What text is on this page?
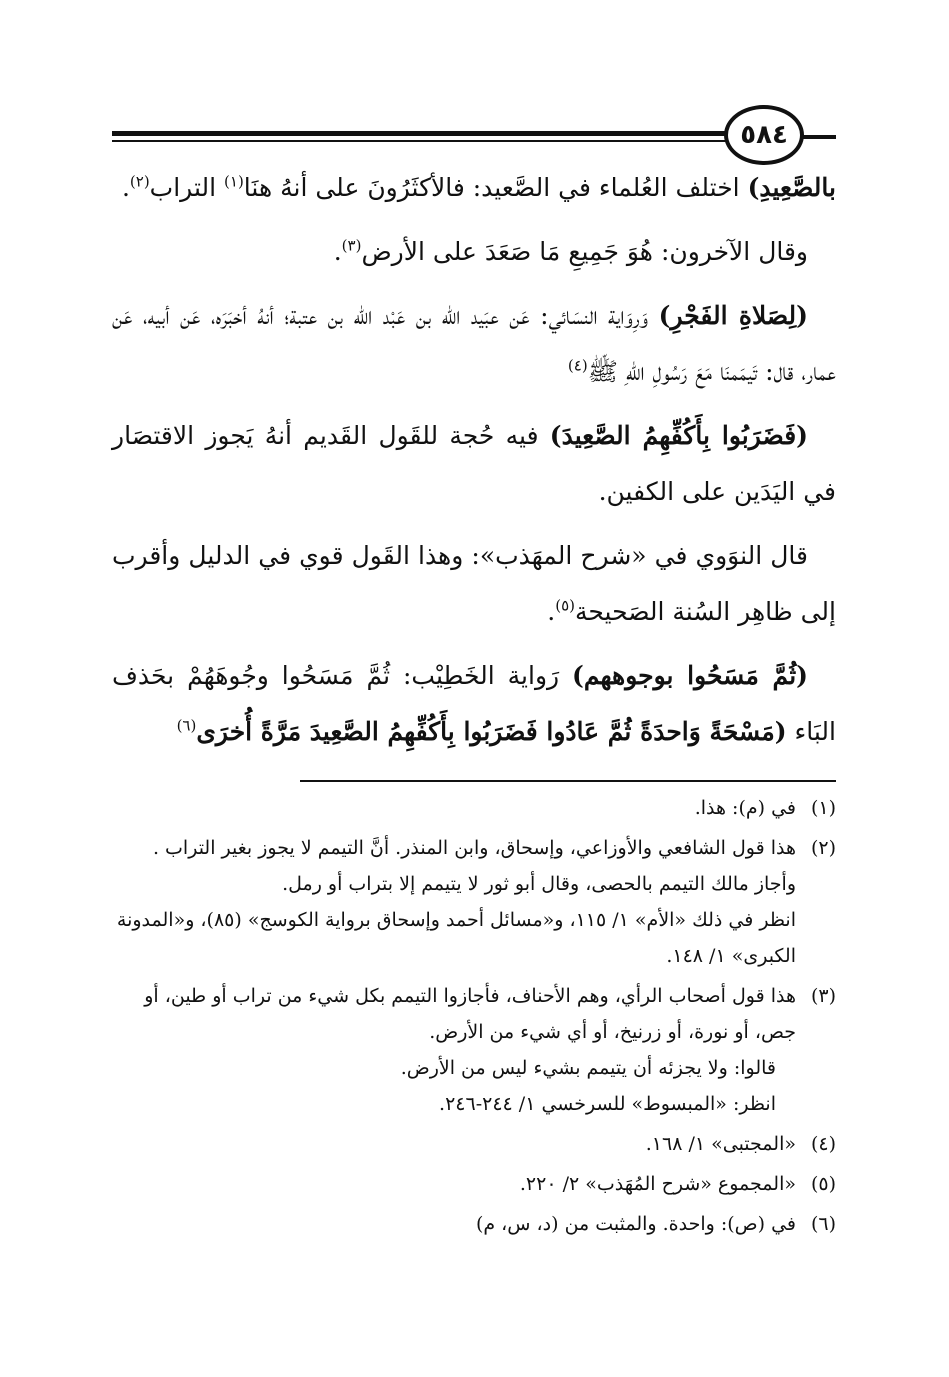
٥٨٤

بالصَّعِيدِ) اختلف العُلماء في الصَّعيد: فالأكثَرُونَ على أنهُ هنَا$^{(١)}$ التراب$^{(٢)}$.

وقال الآخرون: هُوَ جَمِيعِ مَا صَعَدَ على الأرض$^{(٣)}$.

(لِصَلاةِ الفَجْرِ) وَرِوَاية النسَائي: عَن عبَيد الله بن عَبْد الله بن عتبة؛ أنهُ أخبَرَه، عَن أبيه، عَن عمار، قال: تَيمَمنَا مَعَ رَسُولِ اللهِ ﷺ$^{(٤)}$

(فَضَرَبُوا بِأَكُفِّهِمُ الصَّعِيدَ) فيه حُجة للقَول القَديم أنهُ يَجوز الاقتصَار في اليَدَين على الكفين.

قال النوَوي في «شرح المهَذب»: وهذا القَول قوي في الدليل وأقرب إلى ظاهِر السُنة الصَحيحة$^{(٥)}$.

(ثُمَّ مَسَحُوا بوجوههم) رَواية الخَطِيْب: ثُمَّ مَسَحُوا وجُوهَهُمْ بحَذف البَاء (مَسْحَةً وَاحدَةً ثُمَّ عَادُوا فَضَرَبُوا بِأَكُفِّهِمُ الصَّعِيدَ مَرَّةً أُخرَى$^{(٦)}$

(١)

في (م): هذا.

(٢)

هذا قول الشافعي والأوزاعي، وإسحاق، وابن المنذر. أنَّ التيمم لا يجوز بغير التراب . وأجاز مالك التيمم بالحصى، وقال أبو ثور لا يتيمم إلا بتراب أو رمل.

انظر في ذلك «الأم» ١/ ١١٥، و«مسائل أحمد وإسحاق برواية الكوسج» (٨٥)، و«المدونة الكبرى» ١/ ١٤٨.

(٣)

هذا قول أصحاب الرأي، وهم الأحناف، فأجازوا التيمم بكل شيء من تراب أو طين، أو جص، أو نورة، أو زرنيخ، أو أي شيء من الأرض.

قالوا: ولا يجزئه أن يتيمم بشيء ليس من الأرض.

انظر: «المبسوط» للسرخسي ١/ ٢٤٤-٢٤٦.

(٤)

«المجتبى» ١/ ١٦٨.

(٥)

«المجموع «شرح المُهَذب» ٢/ ٢٢٠.

(٦)

في (ص): واحدة. والمثبت من (د، س، م)
